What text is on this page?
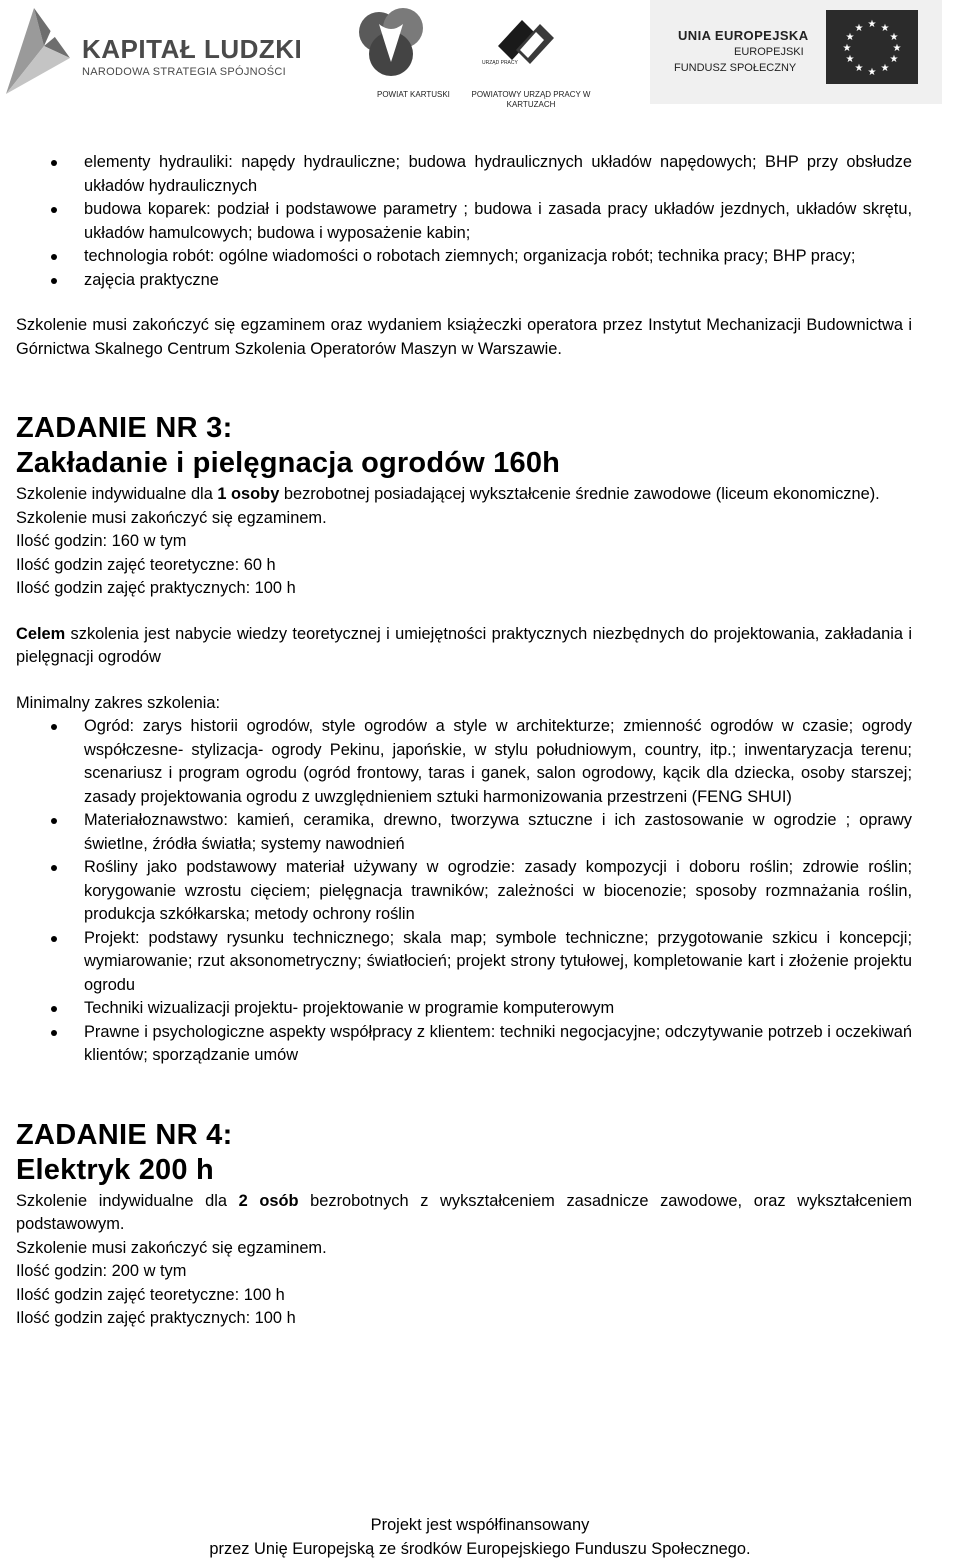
KAPITAŁ LUDZKI
NARODOWA STRATEGIA SPÓJNOŚCI
POWIAT KARTUSKI
URZĄD PRACY
POWIATOWY URZĄD PRACY W KARTUZACH
UNIA EUROPEJSKA
EUROPEJSKI
FUNDUSZ SPOŁECZNY
★ ★
★
★
★
★
★
★
★
★
★
★
elementy hydrauliki: napędy hydrauliczne; budowa hydraulicznych układów napędowych; BHP przy obsłudze układów hydraulicznych
budowa koparek: podział i podstawowe parametry ; budowa i zasada pracy układów jezdnych, układów skrętu, układów hamulcowych; budowa i wyposażenie kabin;
technologia robót: ogólne wiadomości o robotach ziemnych; organizacja robót; technika pracy; BHP pracy;
zajęcia praktyczne

Szkolenie musi zakończyć się egzaminem oraz wydaniem książeczki operatora przez Instytut Mechanizacji Budownictwa i Górnictwa Skalnego Centrum Szkolenia Operatorów Maszyn w Warszawie.

ZADANIE NR 3:
Zakładanie i pielęgnacja ogrodów 160h

Szkolenie indywidualne dla 1 osoby bezrobotnej posiadającej wykształcenie średnie zawodowe (liceum ekonomiczne).

Szkolenie musi zakończyć się egzaminem.

Ilość godzin: 160 w tym

Ilość godzin zajęć teoretyczne: 60 h

Ilość godzin zajęć praktycznych: 100 h

Celem szkolenia jest nabycie wiedzy teoretycznej i umiejętności praktycznych niezbędnych do projektowania, zakładania i pielęgnacji ogrodów

Minimalny zakres szkolenia:

Ogród: zarys historii ogrodów, style ogrodów a style w architekturze; zmienność ogrodów w czasie; ogrody współczesne- stylizacja- ogrody Pekinu, japońskie, w stylu południowym, country, itp.; inwentaryzacja terenu; scenariusz i program ogrodu (ogród frontowy, taras i ganek, salon ogrodowy, kącik dla dziecka, osoby starszej; zasady projektowania ogrodu z uwzględnieniem sztuki harmonizowania przestrzeni (FENG SHUI)
Materiałoznawstwo: kamień, ceramika, drewno, tworzywa sztuczne i ich zastosowanie w ogrodzie ; oprawy świetlne, źródła światła; systemy nawodnień
Rośliny jako podstawowy materiał używany w ogrodzie: zasady kompozycji i doboru roślin; zdrowie roślin; korygowanie wzrostu cięciem; pielęgnacja trawników; zależności w biocenozie; sposoby rozmnażania roślin, produkcja szkółkarska; metody ochrony roślin
Projekt: podstawy rysunku technicznego; skala map; symbole techniczne; przygotowanie szkicu i koncepcji; wymiarowanie; rzut aksonometryczny; światłocień; projekt strony tytułowej, kompletowanie kart i złożenie projektu ogrodu
Techniki wizualizacji projektu- projektowanie w programie komputerowym
Prawne i psychologiczne aspekty współpracy z klientem: techniki negocjacyjne; odczytywanie potrzeb i oczekiwań klientów; sporządzanie umów
ZADANIE NR 4:
Elektryk 200 h

Szkolenie indywidualne dla 2 osób bezrobotnych z wykształceniem zasadnicze zawodowe, oraz wykształceniem podstawowym.

Szkolenie musi zakończyć się egzaminem.

Ilość godzin: 200 w tym

Ilość godzin zajęć teoretyczne: 100 h

Ilość godzin zajęć praktycznych: 100 h

Projekt jest współfinansowany
przez Unię Europejską ze środków Europejskiego Funduszu Społecznego.
